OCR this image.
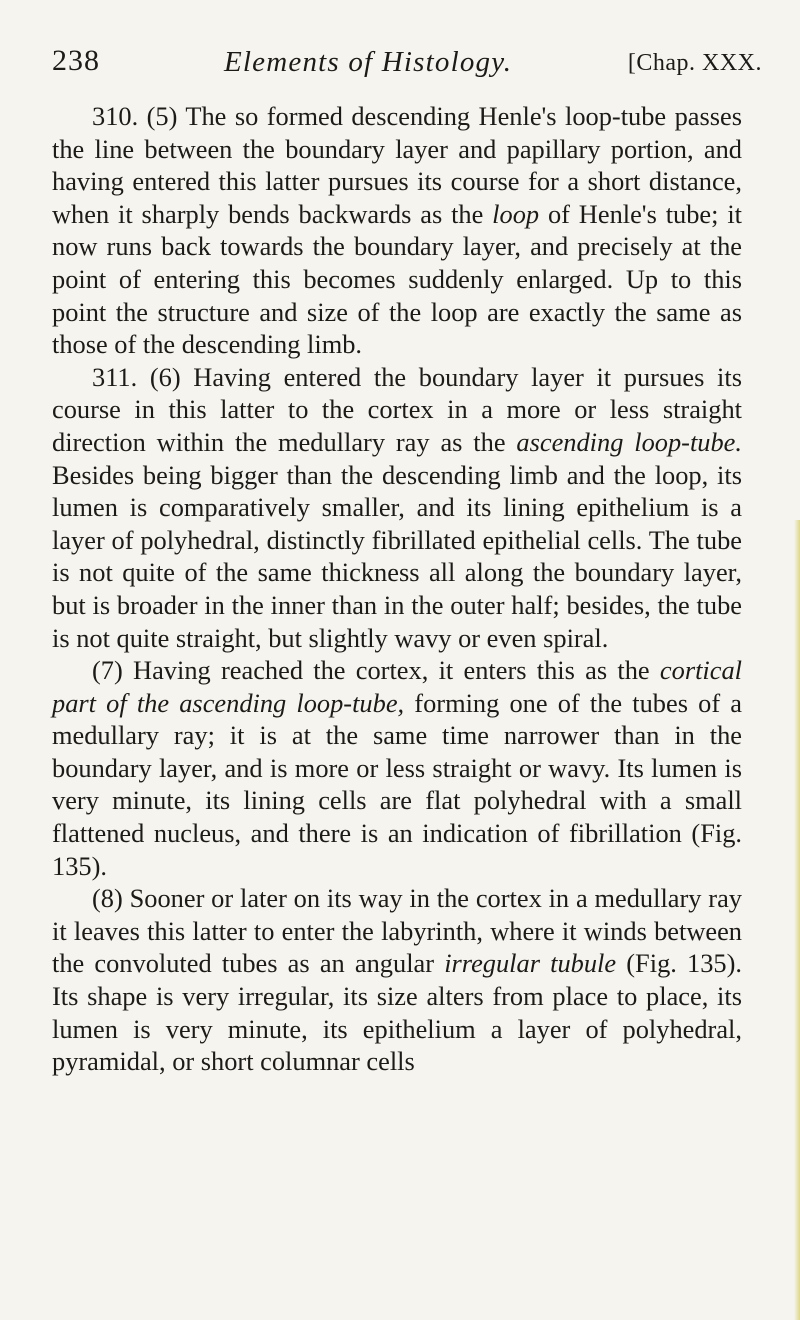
238	Elements of Histology.	[Chap. XXX.

310. (5) The so formed descending Henle's loop-tube passes the line between the boundary layer and papillary portion, and having entered this latter pursues its course for a short distance, when it sharply bends backwards as the loop of Henle's tube; it now runs back towards the boundary layer, and precisely at the point of entering this becomes suddenly enlarged. Up to this point the structure and size of the loop are exactly the same as those of the descending limb.

311. (6) Having entered the boundary layer it pursues its course in this latter to the cortex in a more or less straight direction within the medullary ray as the ascending loop-tube. Besides being bigger than the descending limb and the loop, its lumen is comparatively smaller, and its lining epithelium is a layer of polyhedral, distinctly fibrillated epithelial cells. The tube is not quite of the same thickness all along the boundary layer, but is broader in the inner than in the outer half; besides, the tube is not quite straight, but slightly wavy or even spiral.

(7) Having reached the cortex, it enters this as the cortical part of the ascending loop-tube, forming one of the tubes of a medullary ray; it is at the same time narrower than in the boundary layer, and is more or less straight or wavy. Its lumen is very minute, its lining cells are flat polyhedral with a small flattened nucleus, and there is an indication of fibrillation (Fig. 135).

(8) Sooner or later on its way in the cortex in a medullary ray it leaves this latter to enter the labyrinth, where it winds between the convoluted tubes as an angular irregular tubule (Fig. 135). Its shape is very irregular, its size alters from place to place, its lumen is very minute, its epithelium a layer of polyhedral, pyramidal, or short columnar cells
